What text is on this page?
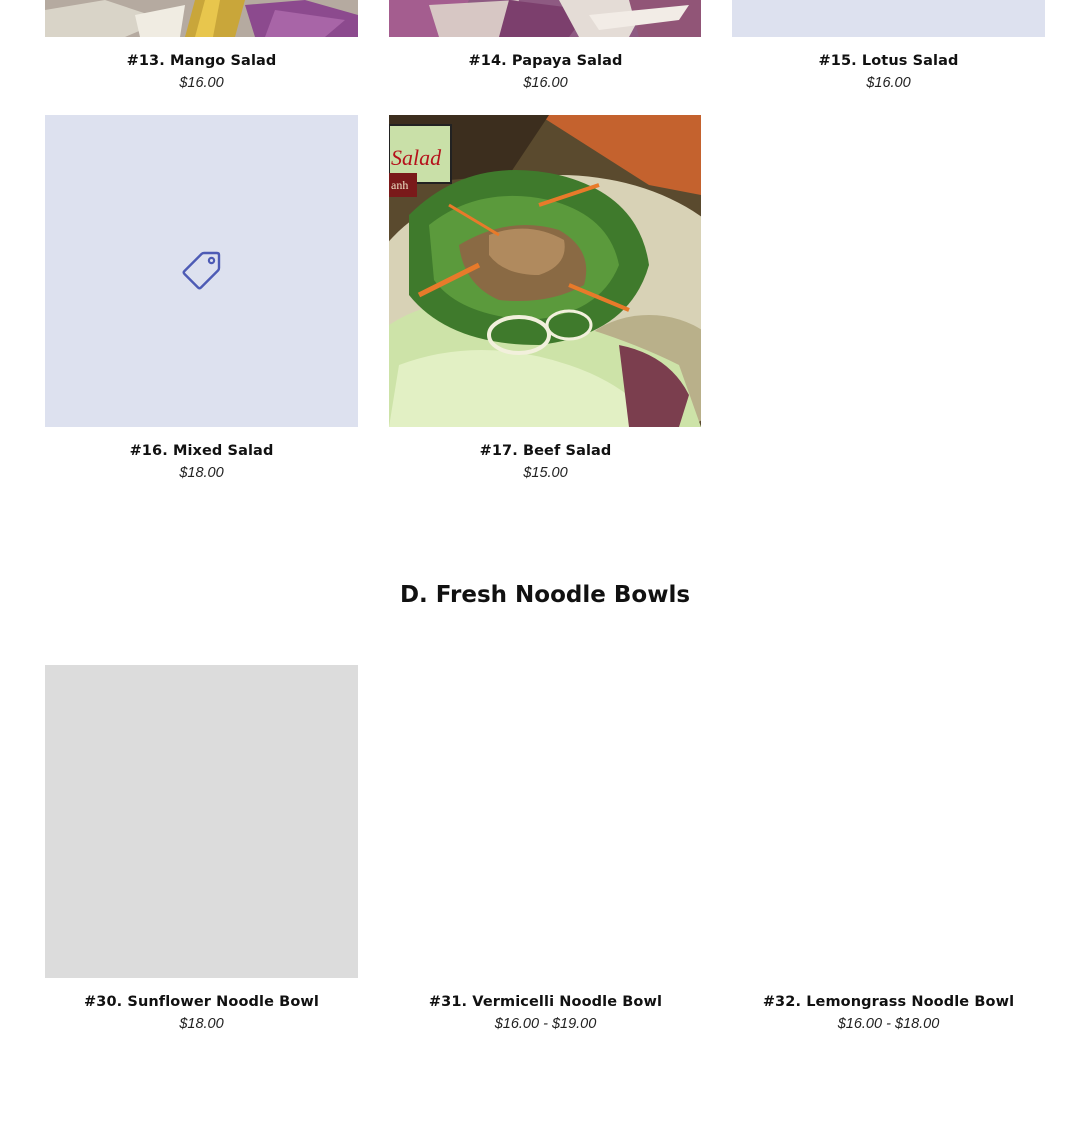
#13. Mango Salad
$16.00
#14. Papaya Salad
$16.00
#15. Lotus Salad
$16.00
#16. Mixed Salad
$18.00
Salad
anh
#17. Beef Salad
$15.00
D. Fresh Noodle Bowls
#30. Sunflower Noodle Bowl
$18.00
#31. Vermicelli Noodle Bowl
$16.00 - $19.00
#32. Lemongrass Noodle Bowl
$16.00 - $18.00
